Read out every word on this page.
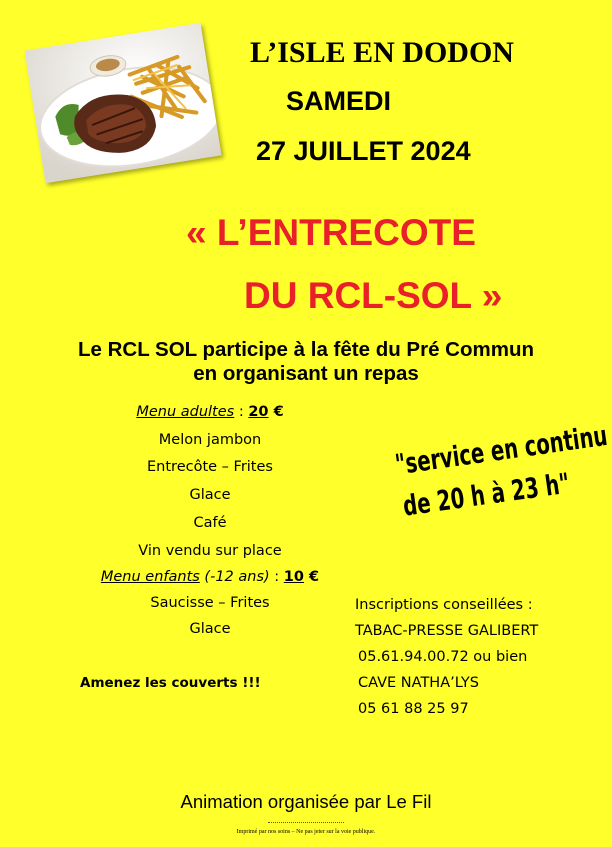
L’ISLE EN DODON
SAMEDI
27 JUILLET 2024
« L’ENTRECOTE
DU RCL-SOL »
Le RCL SOL participe à la fête du Pré Commun
en organisant un repas
Menu adultes : 20 €
Melon jambon
Entrecôte – Frites
Glace
Café
Vin vendu sur place
Menu enfants (-12 ans) : 10 €
Saucisse – Frites
Glace
Amenez les couverts !!!
"service en continu
de 20 h à 23 h"
Inscriptions conseillées :
TABAC-PRESSE GALIBERT
05.61.94.00.72 ou bien
CAVE NATHA’LYS
05 61 88 25 97
Animation organisée par Le Fil
Imprimé par nos soins – Ne pas jeter sur la voie publique.
